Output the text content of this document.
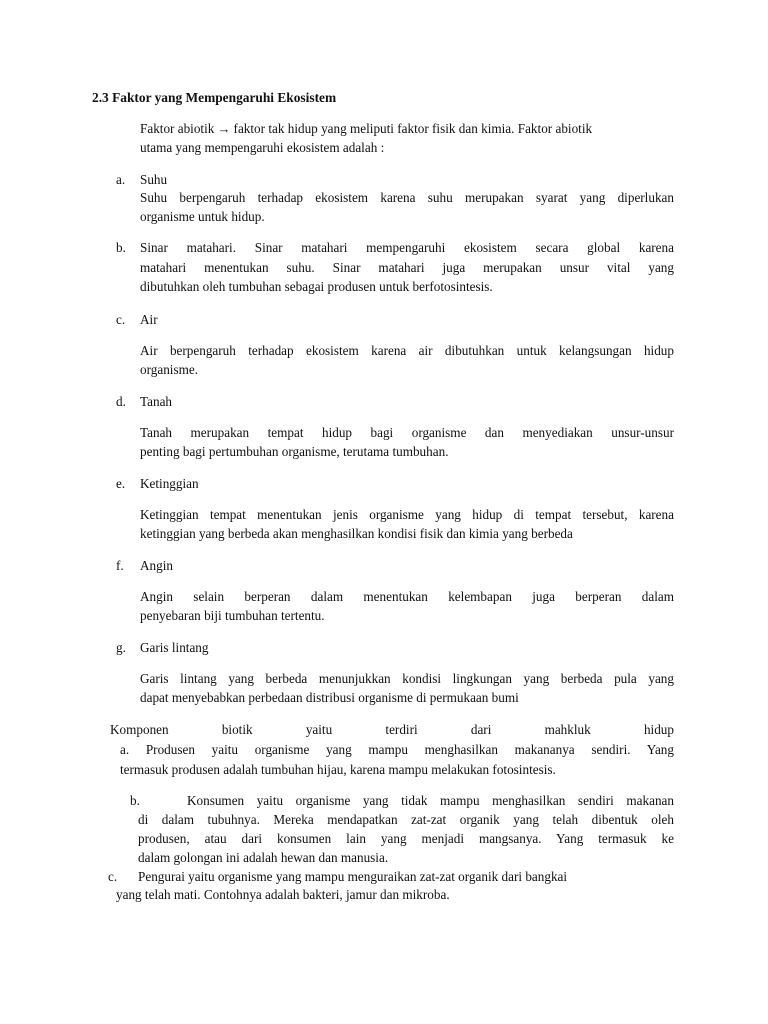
2.3 Faktor yang Mempengaruhi Ekosistem
Faktor abiotik → faktor tak hidup yang meliputi faktor fisik dan kimia. Faktor abiotik
utama yang mempengaruhi ekosistem adalah :
a. Suhu
Suhu berpengaruh terhadap ekosistem karena suhu merupakan syarat yang diperlukan
organisme untuk hidup.
b. Sinar matahari. Sinar matahari mempengaruhi ekosistem secara global karena
matahari menentukan suhu. Sinar matahari juga merupakan unsur vital yang
dibutuhkan oleh tumbuhan sebagai produsen untuk berfotosintesis.
c. Air
Air berpengaruh terhadap ekosistem karena air dibutuhkan untuk kelangsungan hidup
organisme.
d. Tanah
Tanah merupakan tempat hidup bagi organisme dan menyediakan unsur-unsur
penting bagi pertumbuhan organisme, terutama tumbuhan.
e. Ketinggian
Ketinggian tempat menentukan jenis organisme yang hidup di tempat tersebut, karena
ketinggian yang berbeda akan menghasilkan kondisi fisik dan kimia yang berbeda
f. Angin
Angin selain berperan dalam menentukan kelembapan juga berperan dalam
penyebaran biji tumbuhan tertentu.
g. Garis lintang
Garis lintang yang berbeda menunjukkan kondisi lingkungan yang berbeda pula yang
dapat menyebabkan perbedaan distribusi organisme di permukaan bumi
Komponen biotik yaitu terdiri dari mahkluk hidup
a. Produsen yaitu organisme yang mampu menghasilkan makananya sendiri. Yang
termasuk produsen adalah tumbuhan hijau, karena mampu melakukan fotosintesis.
b.	Konsumen yaitu organisme yang tidak mampu menghasilkan sendiri makanan
di dalam tubuhnya. Mereka mendapatkan zat-zat organik yang telah dibentuk oleh
produsen, atau dari konsumen lain yang menjadi mangsanya. Yang termasuk ke
dalam golongan ini adalah hewan dan manusia.
c. Pengurai yaitu organisme yang mampu menguraikan zat-zat organik dari bangkai
yang telah mati. Contohnya adalah bakteri, jamur dan mikroba.
